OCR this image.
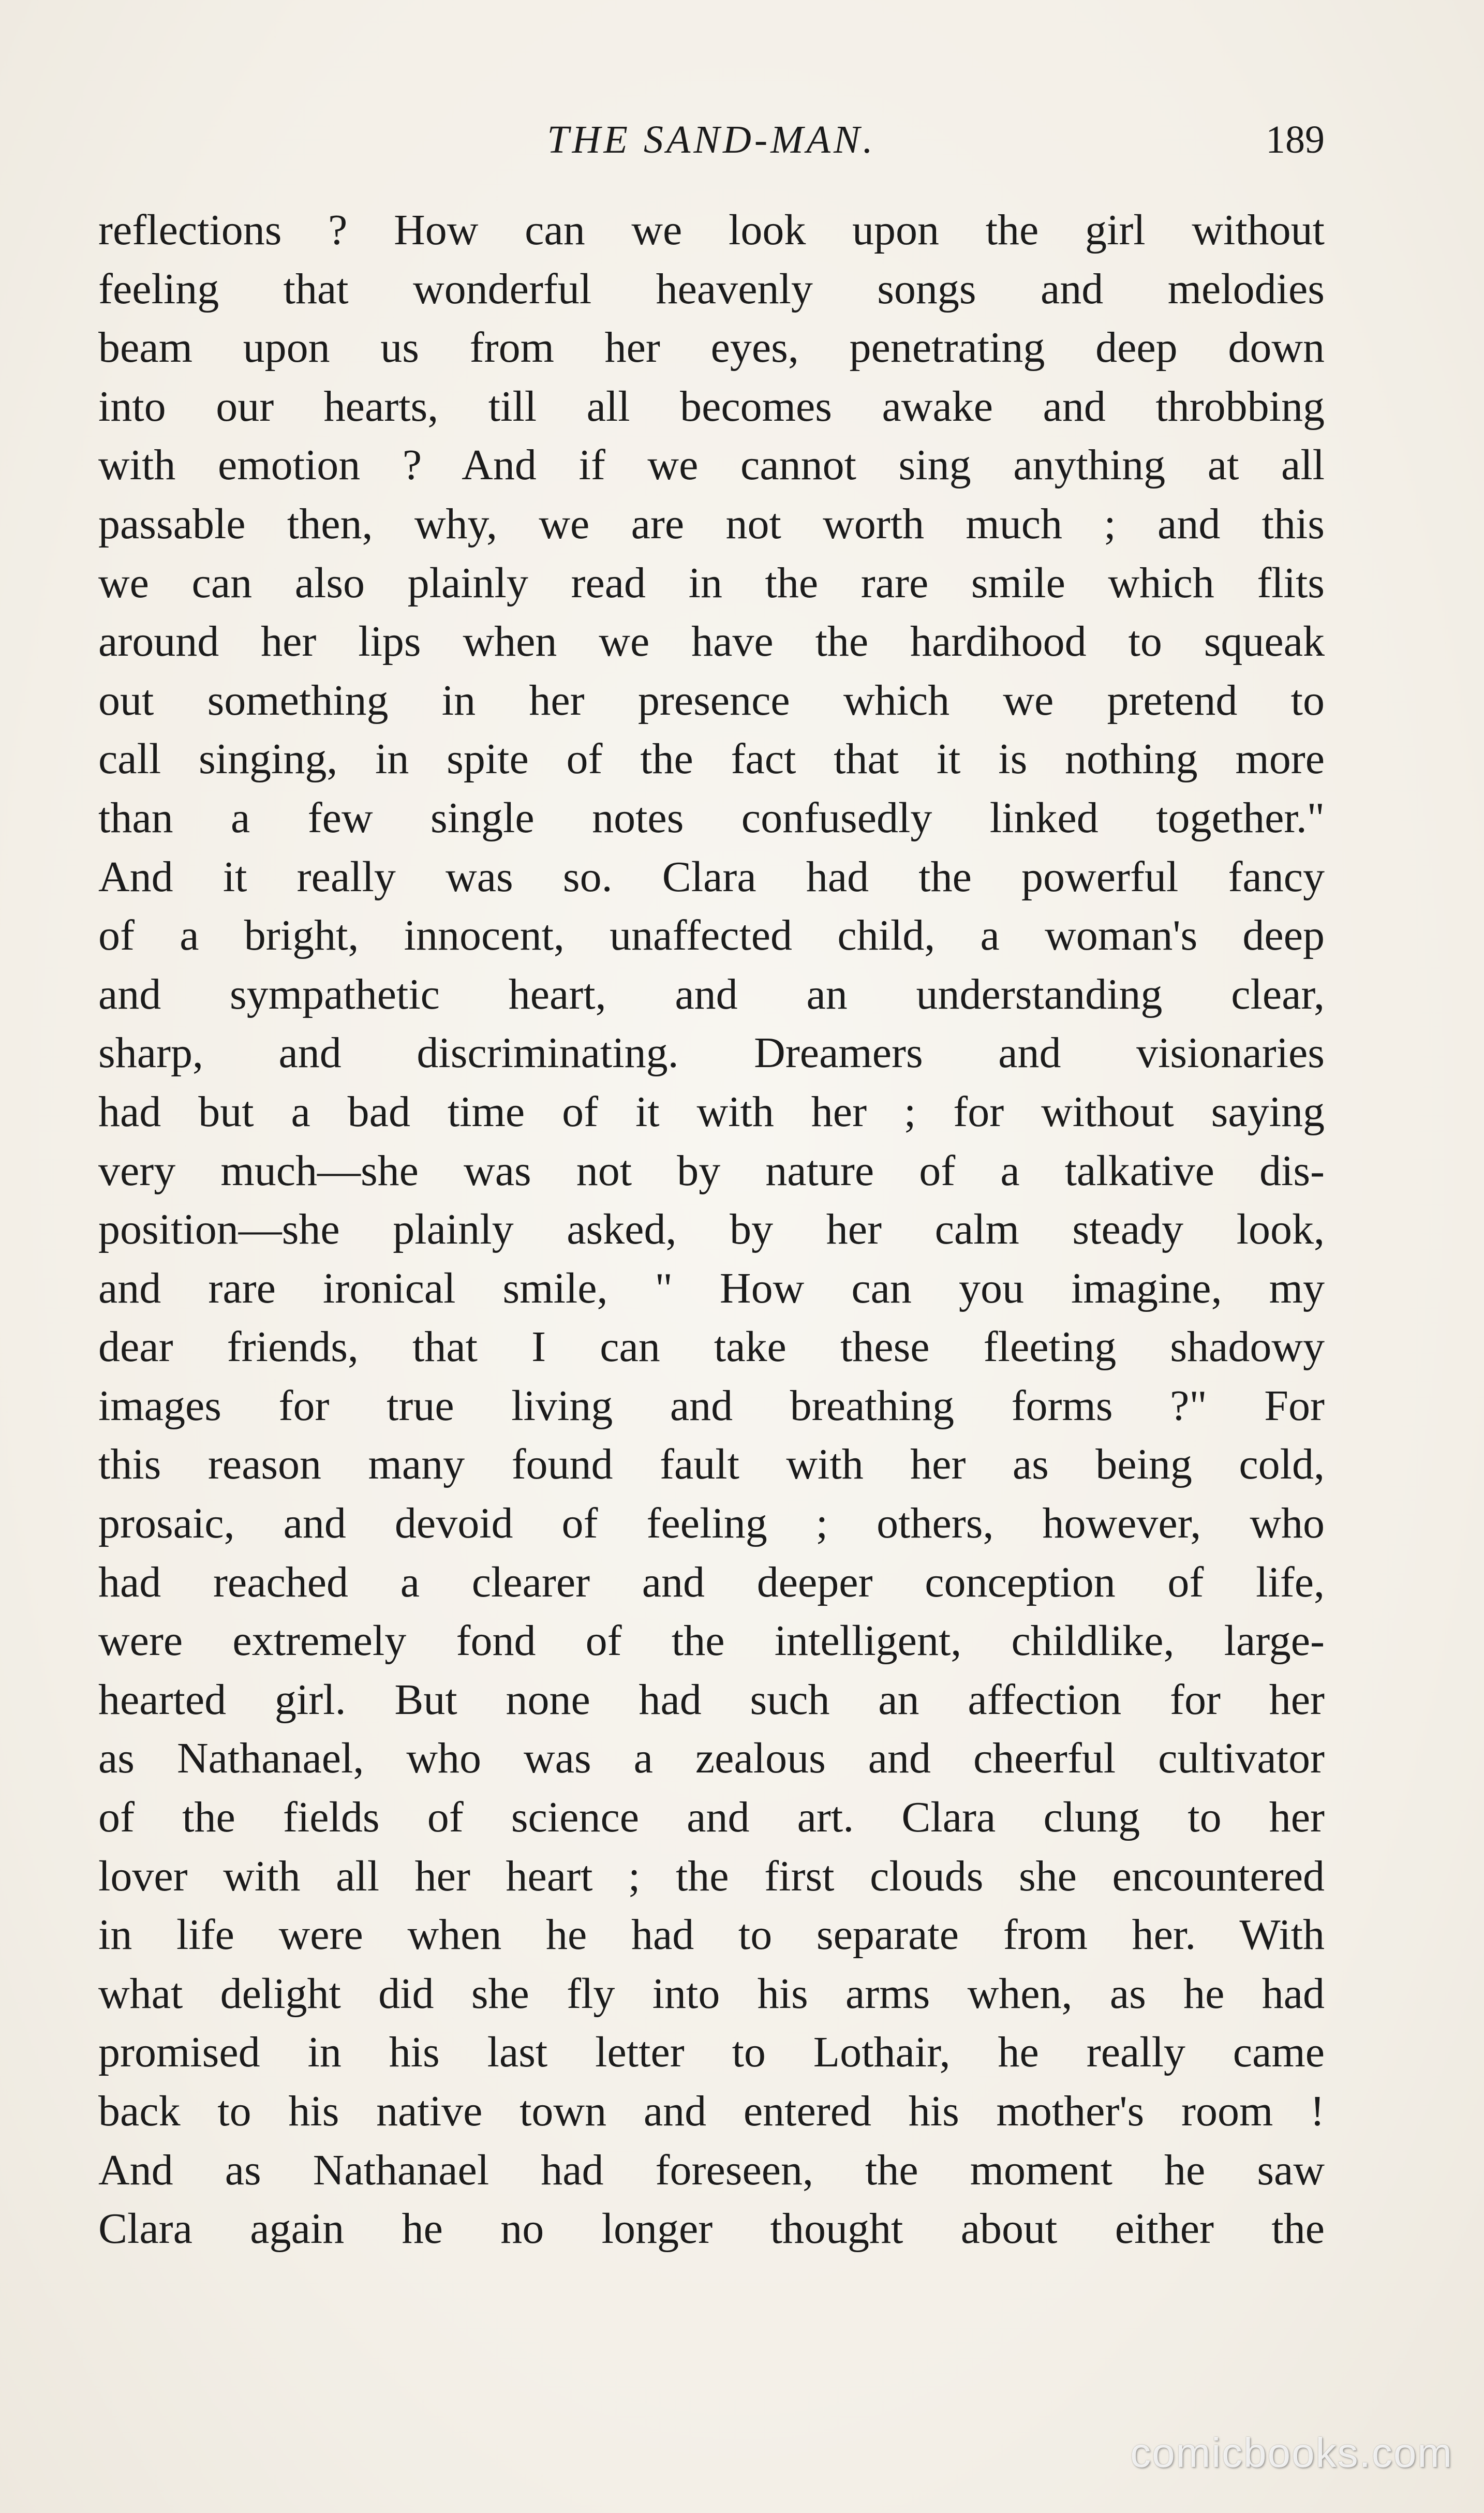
THE SAND-MAN.	189
reflections ? How can we look upon the girl without
feeling that wonderful heavenly songs and melodies
beam upon us from her eyes, penetrating deep down
into our hearts, till all becomes awake and throbbing
with emotion ? And if we cannot sing anything at all
passable then, why, we are not worth much ; and this
we can also plainly read in the rare smile which flits
around her lips when we have the hardihood to squeak
out something in her presence which we pretend to
call singing, in spite of the fact that it is nothing more
than a few single notes confusedly linked together."
And it really was so. Clara had the powerful fancy
of a bright, innocent, unaffected child, a woman's deep
and sympathetic heart, and an understanding clear,
sharp, and discriminating. Dreamers and visionaries
had but a bad time of it with her ; for without saying
very much—she was not by nature of a talkative dis-
position—she plainly asked, by her calm steady look,
and rare ironical smile, " How can you imagine, my
dear friends, that I can take these fleeting shadowy
images for true living and breathing forms ?" For
this reason many found fault with her as being cold,
prosaic, and devoid of feeling ; others, however, who
had reached a clearer and deeper conception of life,
were extremely fond of the intelligent, childlike, large-
hearted girl. But none had such an affection for her
as Nathanael, who was a zealous and cheerful cultivator
of the fields of science and art. Clara clung to her
lover with all her heart ; the first clouds she encountered
in life were when he had to separate from her. With
what delight did she fly into his arms when, as he had
promised in his last letter to Lothair, he really came
back to his native town and entered his mother's room !
And as Nathanael had foreseen, the moment he saw
Clara again he no longer thought about either the
comicbooks.com
